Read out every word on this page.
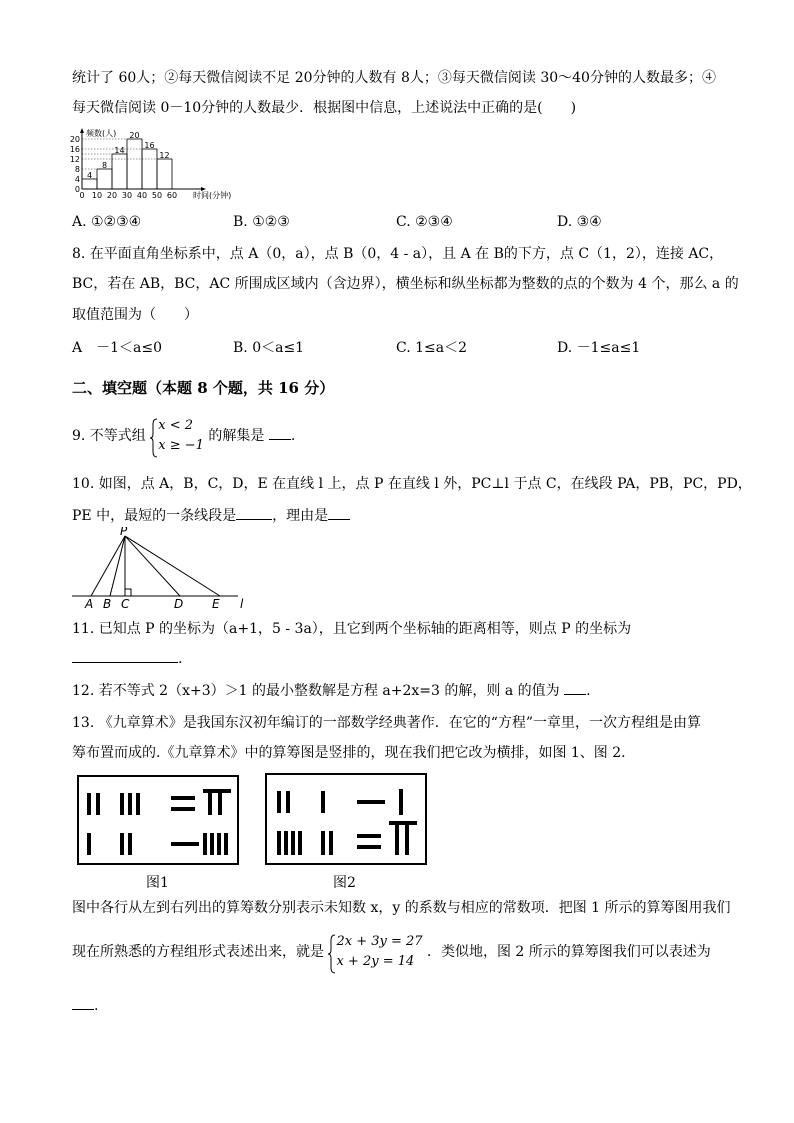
统计了 60人；②每天微信阅读不足 20分钟的人数有 8人；③每天微信阅读 30～40分钟的人数最多；④
每天微信阅读 0－10分钟的人数最少．根据图中信息，上述说法中正确的是(　　)
频数(人)
时间(分钟)
4
8
14
20
16
12
0
4
8
12
16
20
0 10 20 30 40 50 60
A. ①②③④	B. ①②③	C. ②③④	D. ③④
8. 在平面直角坐标系中，点 A（0，a），点 B（0，4 - a），且 A 在 B的下方，点 C（1，2），连接 AC，
BC，若在 AB，BC，AC 所围成区域内（含边界），横坐标和纵坐标都为整数的点的个数为 4 个，那么 a 的
取值范围为（　　）
A　－1＜a≤0	B. 0＜a≤1	C. 1≤a＜2	D. －1≤a≤1
二、填空题（本题 8 个题，共 16 分）
9. 不等式组
x < 2
x ≥ −1
的解集是 .
10. 如图，点 A，B，C，D，E 在直线 l 上，点 P 在直线 l 外，PC⊥l 于点 C，在线段 PA，PB，PC，PD，
PE 中，最短的一条线段是	，理由是
P
A B C	D E l
11. 已知点 P 的坐标为（a+1，5 - 3a），且它到两个坐标轴的距离相等，则点 P 的坐标为
.
12. 若不等式 2（x+3）＞1 的最小整数解是方程 a+2x=3 的解，则 a 的值为 .
13. 《九章算术》是我国东汉初年编订的一部数学经典著作．在它的“方程”一章里，一次方程组是由算
筹布置而成的.《九章算术》中的算筹图是竖排的，现在我们把它改为横排，如图 1、图 2.
图1	图2
图中各行从左到右列出的算筹数分别表示未知数 x，y 的系数与相应的常数项．把图 1 所示的算筹图用我们
现在所熟悉的方程组形式表述出来，就是
2x + 3y = 27
x + 2y = 14
．类似地，图 2 所示的算筹图我们可以表述为
.
